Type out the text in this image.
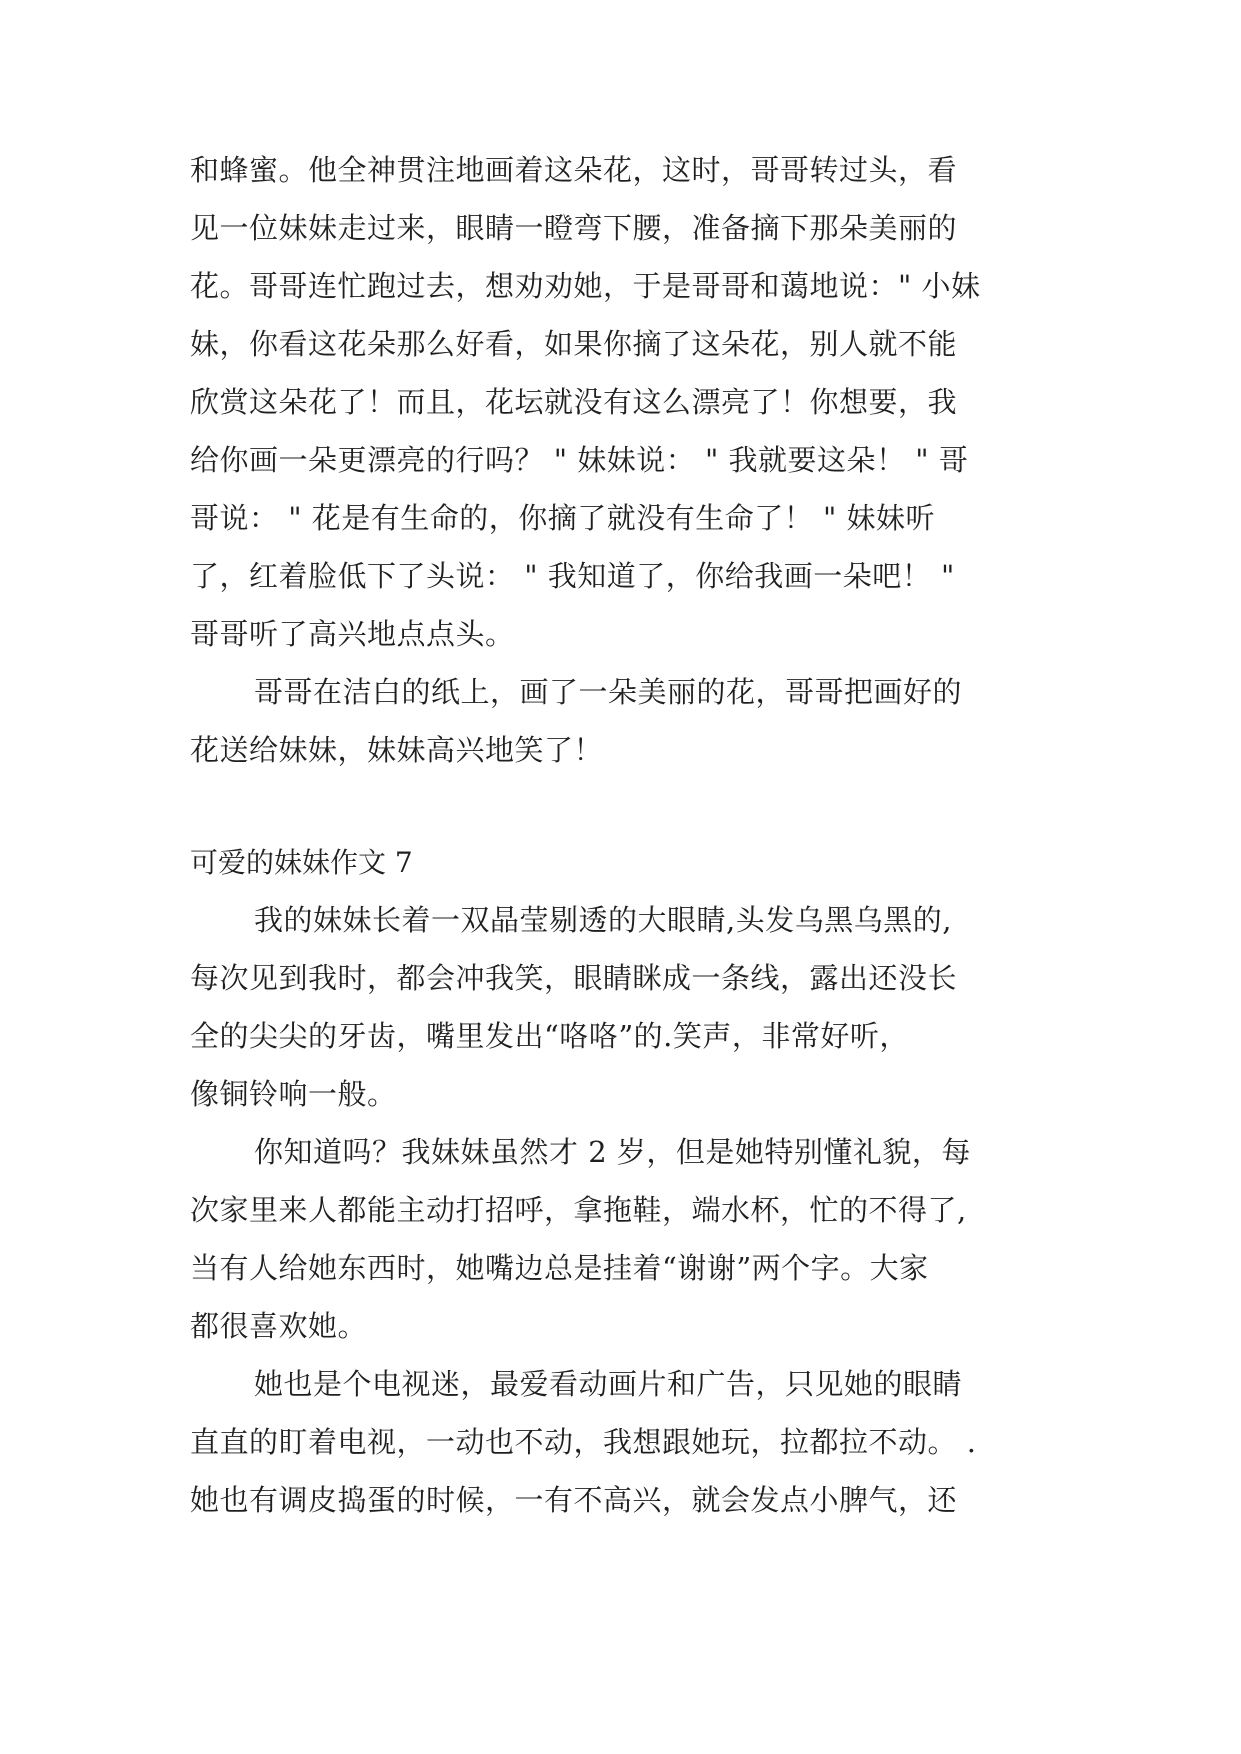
和蜂蜜。他全神贯注地画着这朵花，这时，哥哥转过头，看
见一位妹妹走过来，眼睛一瞪弯下腰，准备摘下那朵美丽的
花。哥哥连忙跑过去，想劝劝她，于是哥哥和蔼地说：" 小妹
妹，你看这花朵那么好看，如果你摘了这朵花，别人就不能
欣赏这朵花了！而且，花坛就没有这么漂亮了！你想要，我
给你画一朵更漂亮的行吗？ " 妹妹说： " 我就要这朵！ " 哥
哥说： " 花是有生命的，你摘了就没有生命了！ " 妹妹听
了，红着脸低下了头说： " 我知道了，你给我画一朵吧！ "
哥哥听了高兴地点点头。
哥哥在洁白的纸上，画了一朵美丽的花，哥哥把画好的
花送给妹妹，妹妹高兴地笑了！
可爱的妹妹作文 7
我的妹妹长着一双晶莹剔透的大眼睛,头发乌黑乌黑的,
每次见到我时，都会冲我笑，眼睛眯成一条线，露出还没长
全的尖尖的牙齿，嘴里发出“咯咯”的.笑声，非常好听，
像铜铃响一般。
你知道吗？我妹妹虽然才 2 岁，但是她特别懂礼貌，每
次家里来人都能主动打招呼，拿拖鞋，端水杯，忙的不得了,
当有人给她东西时，她嘴边总是挂着“谢谢”两个字。大家
都很喜欢她。
她也是个电视迷，最爱看动画片和广告，只见她的眼睛
直直的盯着电视，一动也不动，我想跟她玩，拉都拉不动。 .
她也有调皮捣蛋的时候，一有不高兴，就会发点小脾气，还
